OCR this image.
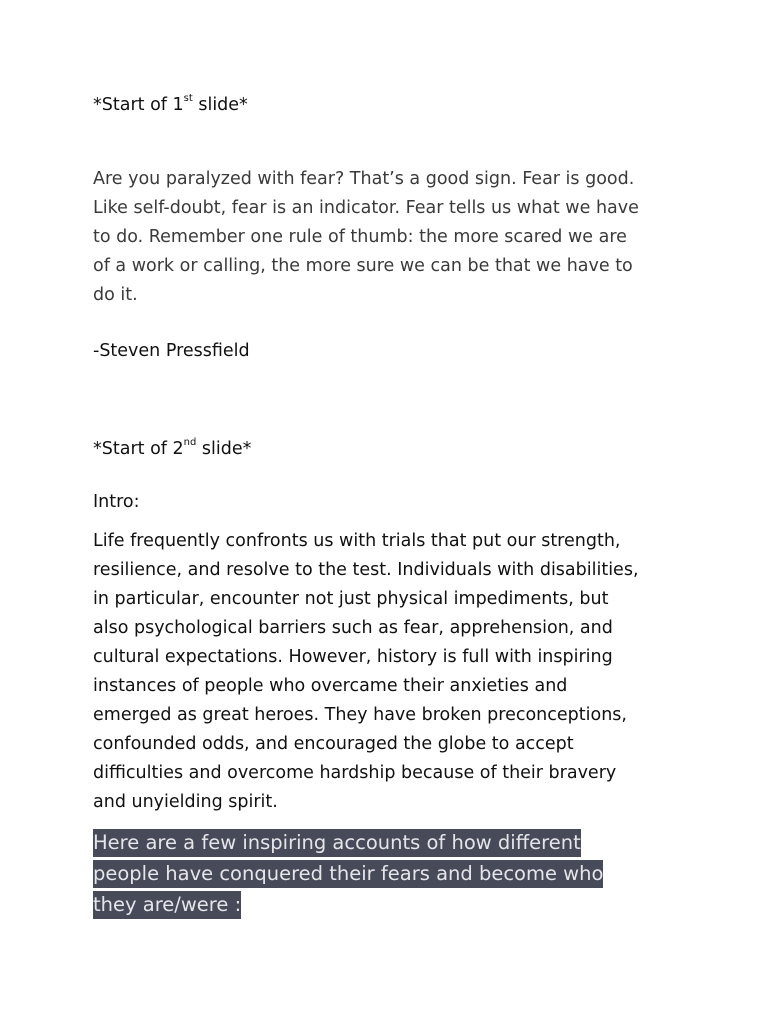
*Start of 1st slide*
Are you paralyzed with fear? That’s a good sign. Fear is good.
Like self-doubt, fear is an indicator. Fear tells us what we have
to do. Remember one rule of thumb: the more scared we are
of a work or calling, the more sure we can be that we have to
do it.
-Steven Pressfield
*Start of 2nd slide*
Intro:
Life frequently confronts us with trials that put our strength,
resilience, and resolve to the test. Individuals with disabilities,
in particular, encounter not just physical impediments, but
also psychological barriers such as fear, apprehension, and
cultural expectations. However, history is full with inspiring
instances of people who overcame their anxieties and
emerged as great heroes. They have broken preconceptions,
confounded odds, and encouraged the globe to accept
difficulties and overcome hardship because of their bravery
and unyielding spirit.
Here are a few inspiring accounts of how different
people have conquered their fears and become who
they are/were :
